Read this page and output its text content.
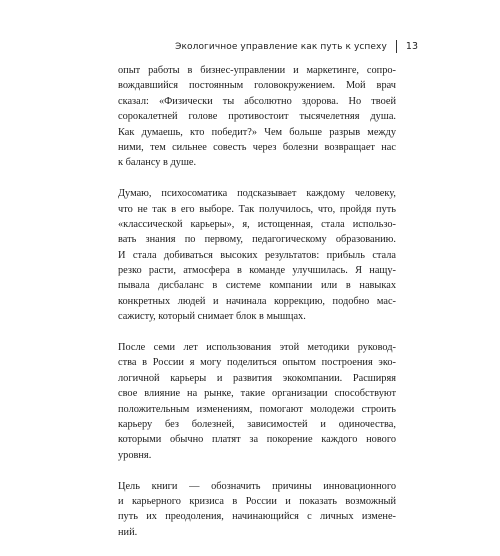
Экологичное управление как путь к успеху 13
опыт работы в бизнес-управлении и маркетинге, сопро-
вождавшийся постоянным головокружением. Мой врач
сказал: «Физически ты абсолютно здорова. Но твоей
сорокалетней голове противостоит тысячелетняя душа.
Как думаешь, кто победит?» Чем больше разрыв между
ними, тем сильнее совесть через болезни возвращает нас
к балансу в душе.
Думаю, психосоматика подсказывает каждому человеку,
что не так в его выборе. Так получилось, что, пройдя путь
«классической карьеры», я, истощенная, стала использо-
вать знания по первому, педагогическому образованию.
И стала добиваться высоких результатов: прибыль стала
резко расти, атмосфера в команде улучшилась. Я нащу-
пывала дисбаланс в системе компании или в навыках
конкретных людей и начинала коррекцию, подобно мас-
сажисту, который снимает блок в мышцах.
После семи лет использования этой методики руковод-
ства в России я могу поделиться опытом построения эко-
логичной карьеры и развития экокомпании. Расширяя
свое влияние на рынке, такие организации способствуют
положительным изменениям, помогают молодежи строить
карьеру без болезней, зависимостей и одиночества,
которыми обычно платят за покорение каждого нового
уровня.
Цель книги — обозначить причины инновационного
и карьерного кризиса в России и показать возможный
путь их преодоления, начинающийся с личных измене-
ний.
